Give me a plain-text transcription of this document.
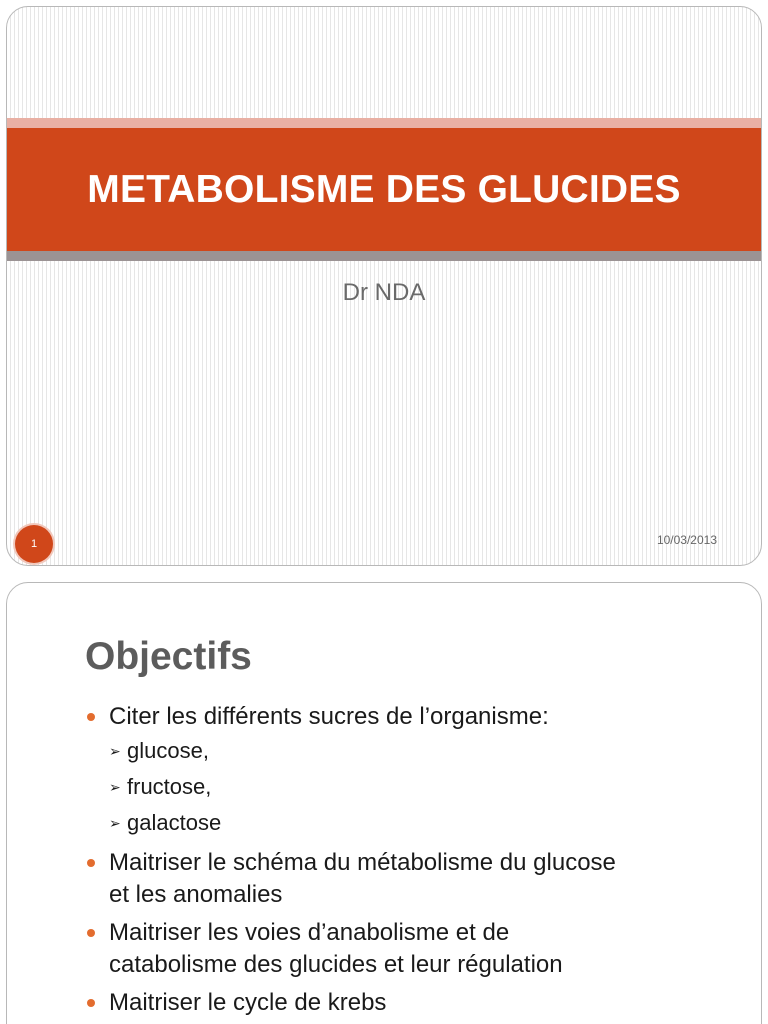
METABOLISME DES GLUCIDES
Dr NDA
1	10/03/2013
Objectifs
Citer les différents sucres de l’organisme:
➢ glucose,
➢ fructose,
➢ galactose
Maitriser le schéma du métabolisme du glucose
et les anomalies
Maitriser les voies d’anabolisme et de
catabolisme des glucides et leur régulation
Maitriser le cycle de krebs
